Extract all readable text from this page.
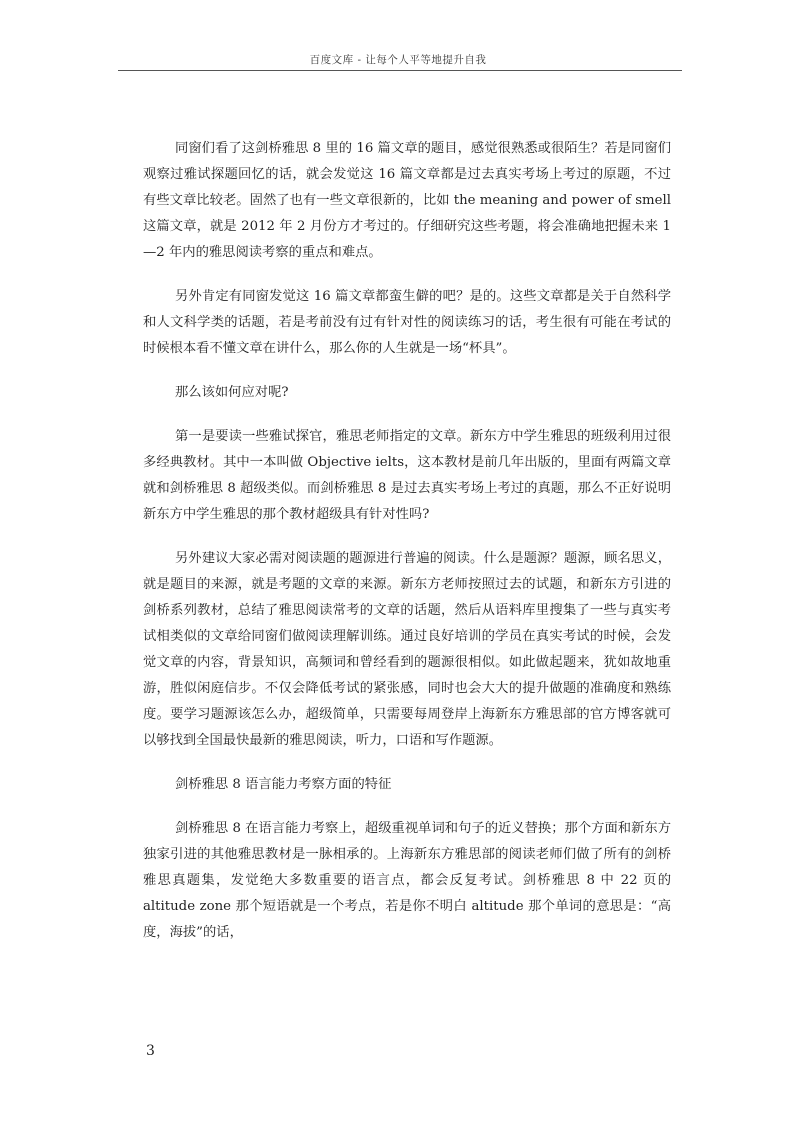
百度文库 - 让每个人平等地提升自我

同窗们看了这剑桥雅思 8 里的 16 篇文章的题目，感觉很熟悉或很陌生？若是同窗们观察过雅试探题回忆的话，就会发觉这 16 篇文章都是过去真实考场上考过的原题，不过有些文章比较老。固然了也有一些文章很新的，比如 the meaning and power of smell 这篇文章，就是 2012 年 2 月份方才考过的。仔细研究这些考题，将会准确地把握未来 1—2 年内的雅思阅读考察的重点和难点。

另外肯定有同窗发觉这 16 篇文章都蛮生僻的吧？是的。这些文章都是关于自然科学和人文科学类的话题，若是考前没有过有针对性的阅读练习的话，考生很有可能在考试的时候根本看不懂文章在讲什么，那么你的人生就是一场“杯具”。

那么该如何应对呢?

第一是要读一些雅试探官，雅思老师指定的文章。新东方中学生雅思的班级利用过很多经典教材。其中一本叫做 Objective ielts，这本教材是前几年出版的，里面有两篇文章就和剑桥雅思 8 超级类似。而剑桥雅思 8 是过去真实考场上考过的真题，那么不正好说明新东方中学生雅思的那个教材超级具有针对性吗?

另外建议大家必需对阅读题的题源进行普遍的阅读。什么是题源？题源，顾名思义，就是题目的来源，就是考题的文章的来源。新东方老师按照过去的试题，和新东方引进的剑桥系列教材，总结了雅思阅读常考的文章的话题，然后从语料库里搜集了一些与真实考试相类似的文章给同窗们做阅读理解训练。通过良好培训的学员在真实考试的时候，会发觉文章的内容，背景知识，高频词和曾经看到的题源很相似。如此做起题来，犹如故地重游，胜似闲庭信步。不仅会降低考试的紧张感，同时也会大大的提升做题的准确度和熟练度。要学习题源该怎么办，超级简单，只需要每周登岸上海新东方雅思部的官方博客就可以够找到全国最快最新的雅思阅读，听力，口语和写作题源。

剑桥雅思 8 语言能力考察方面的特征

剑桥雅思 8 在语言能力考察上，超级重视单词和句子的近义替换；那个方面和新东方独家引进的其他雅思教材是一脉相承的。上海新东方雅思部的阅读老师们做了所有的剑桥雅思真题集，发觉绝大多数重要的语言点，都会反复考试。剑桥雅思 8 中 22 页的 altitude zone 那个短语就是一个考点，若是你不明白 altitude 那个单词的意思是：“高度，海拔”的话，

3
